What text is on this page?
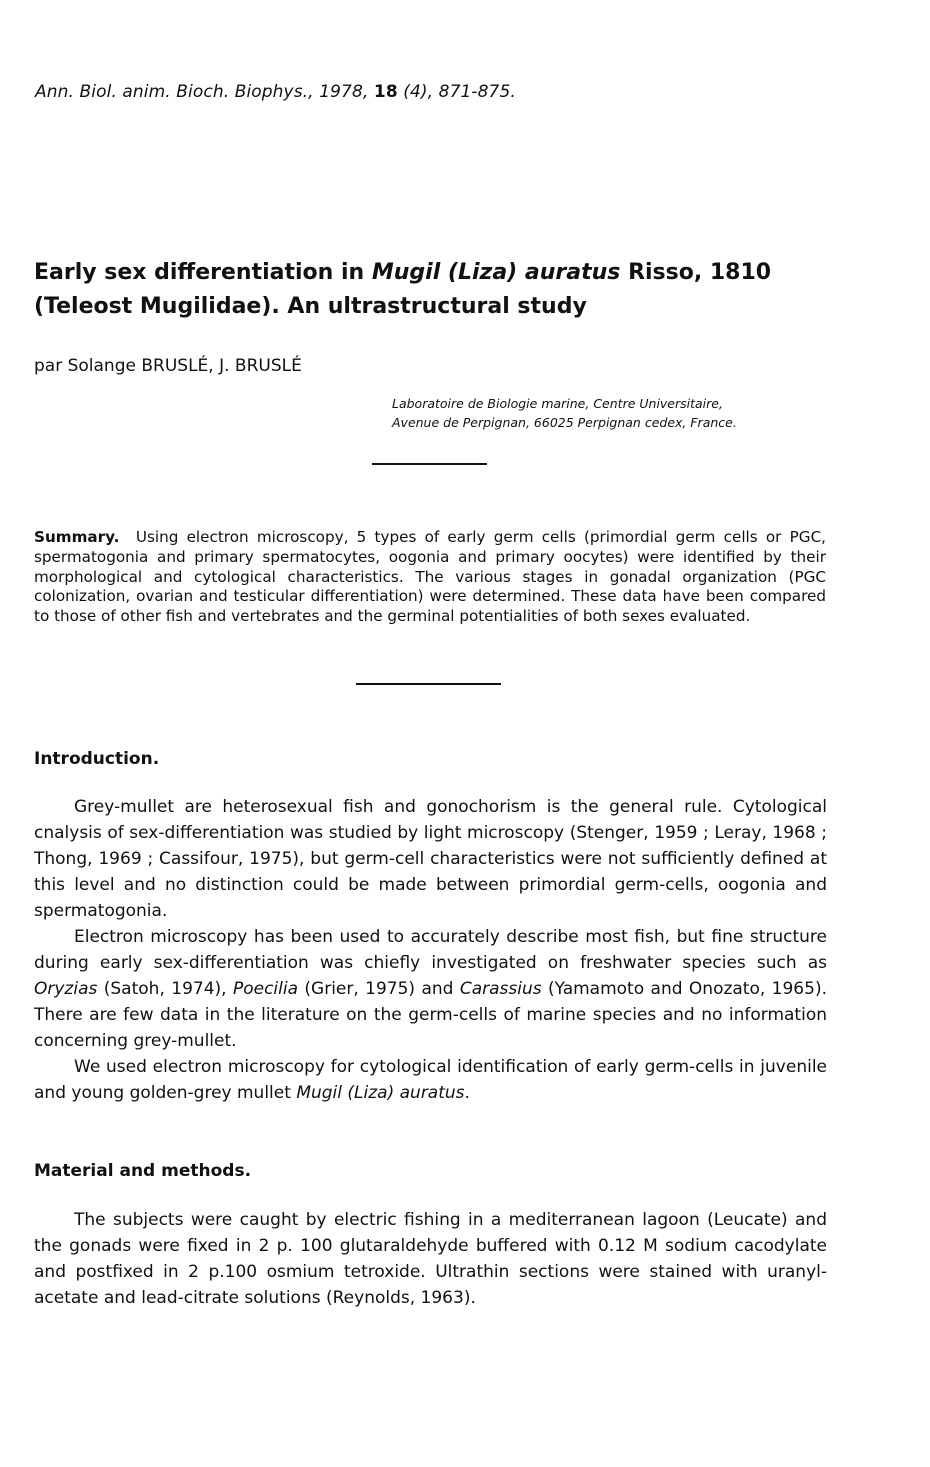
Ann. Biol. anim. Bioch. Biophys., 1978, 18 (4), 871-875.
Early sex differentiation in Mugil (Liza) auratus Risso, 1810
(Teleost Mugilidae). An ultrastructural study
par Solange BRUSLÉ, J. BRUSLÉ
Laboratoire de Biologie marine, Centre Universitaire,
Avenue de Perpignan, 66025 Perpignan cedex, France.
Summary. Using electron microscopy, 5 types of early germ cells (primordial germ cells or PGC, spermatogonia and primary spermatocytes, oogonia and primary oocytes) were identified by their morphological and cytological characteristics. The various stages in gonadal organization (PGC colonization, ovarian and testicular differentiation) were determined. These data have been compared to those of other fish and vertebrates and the germinal potentialities of both sexes evaluated.
Introduction.

Grey-mullet are heterosexual fish and gonochorism is the general rule. Cytological cnalysis of sex-differentiation was studied by light microscopy (Stenger, 1959 ; Leray, 1968 ; Thong, 1969 ; Cassifour, 1975), but germ-cell characteristics were not sufficiently defined at this level and no distinction could be made between primordial germ-cells, oogonia and spermatogonia.

Electron microscopy has been used to accurately describe most fish, but fine structure during early sex-differentiation was chiefly investigated on freshwater species such as Oryzias (Satoh, 1974), Poecilia (Grier, 1975) and Carassius (Yamamoto and Onozato, 1965). There are few data in the literature on the germ-cells of marine species and no information concerning grey-mullet.

We used electron microscopy for cytological identification of early germ-cells in juvenile and young golden-grey mullet Mugil (Liza) auratus.

Material and methods.

The subjects were caught by electric fishing in a mediterranean lagoon (Leucate) and the gonads were fixed in 2 p. 100 glutaraldehyde buffered with 0.12 M sodium cacodylate and postfixed in 2 p.100 osmium tetroxide. Ultrathin sections were stained with uranyl-acetate and lead-citrate solutions (Reynolds, 1963).
